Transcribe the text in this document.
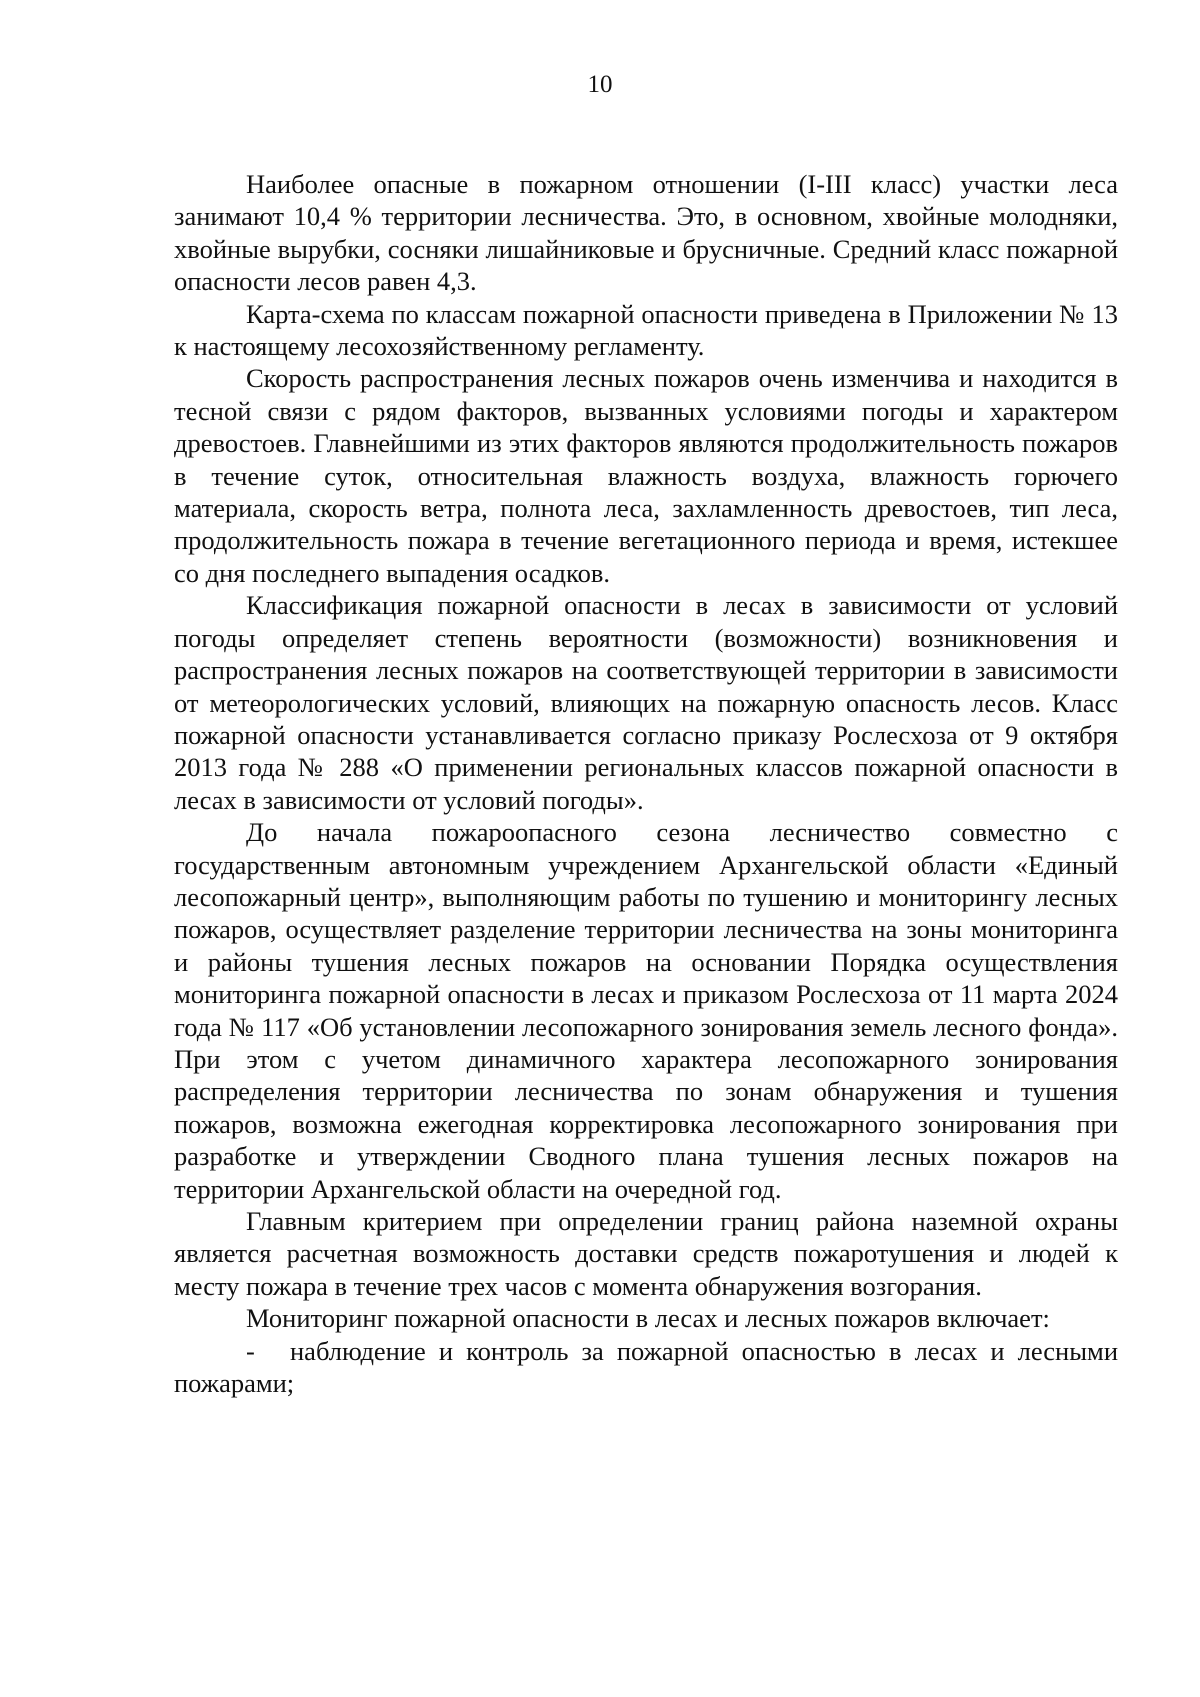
10

Наиболее опасные в пожарном отношении (I-III класс) участки леса занимают 10,4 % территории лесничества. Это, в основном, хвойные молодняки, хвойные вырубки, сосняки лишайниковые и брусничные. Средний класс пожарной опасности лесов равен 4,3.

Карта-схема по классам пожарной опасности приведена в Приложении № 13 к настоящему лесохозяйственному регламенту.

Скорость распространения лесных пожаров очень изменчива и находится в тесной связи с рядом факторов, вызванных условиями погоды и характером древостоев. Главнейшими из этих факторов являются продолжительность пожаров в течение суток, относительная влажность воздуха, влажность горючего материала, скорость ветра, полнота леса, захламленность древостоев, тип леса, продолжительность пожара в течение вегетационного периода и время, истекшее со дня последнего выпадения осадков.

Классификация пожарной опасности в лесах в зависимости от условий погоды определяет степень вероятности (возможности) возникновения и распространения лесных пожаров на соответствующей территории в зависимости от метеорологических условий, влияющих на пожарную опасность лесов. Класс пожарной опасности устанавливается согласно приказу Рослесхоза от 9 октября 2013 года № 288 «О применении региональных классов пожарной опасности в лесах в зависимости от условий погоды».

До начала пожароопасного сезона лесничество совместно с государственным автономным учреждением Архангельской области «Единый лесопожарный центр», выполняющим работы по тушению и мониторингу лесных пожаров, осуществляет разделение территории лесничества на зоны мониторинга и районы тушения лесных пожаров на основании Порядка осуществления мониторинга пожарной опасности в лесах и приказом Рослесхоза от 11 марта 2024 года № 117 «Об установлении лесопожарного зонирования земель лесного фонда». При этом с учетом динамичного характера лесопожарного зонирования распределения территории лесничества по зонам обнаружения и тушения пожаров, возможна ежегодная корректировка лесопожарного зонирования при разработке и утверждении Сводного плана тушения лесных пожаров на территории Архангельской области на очередной год.

Главным критерием при определении границ района наземной охраны является расчетная возможность доставки средств пожаротушения и людей к месту пожара в течение трех часов с момента обнаружения возгорания.

Мониторинг пожарной опасности в лесах и лесных пожаров включает:

- наблюдение и контроль за пожарной опасностью в лесах и лесными пожарами;
